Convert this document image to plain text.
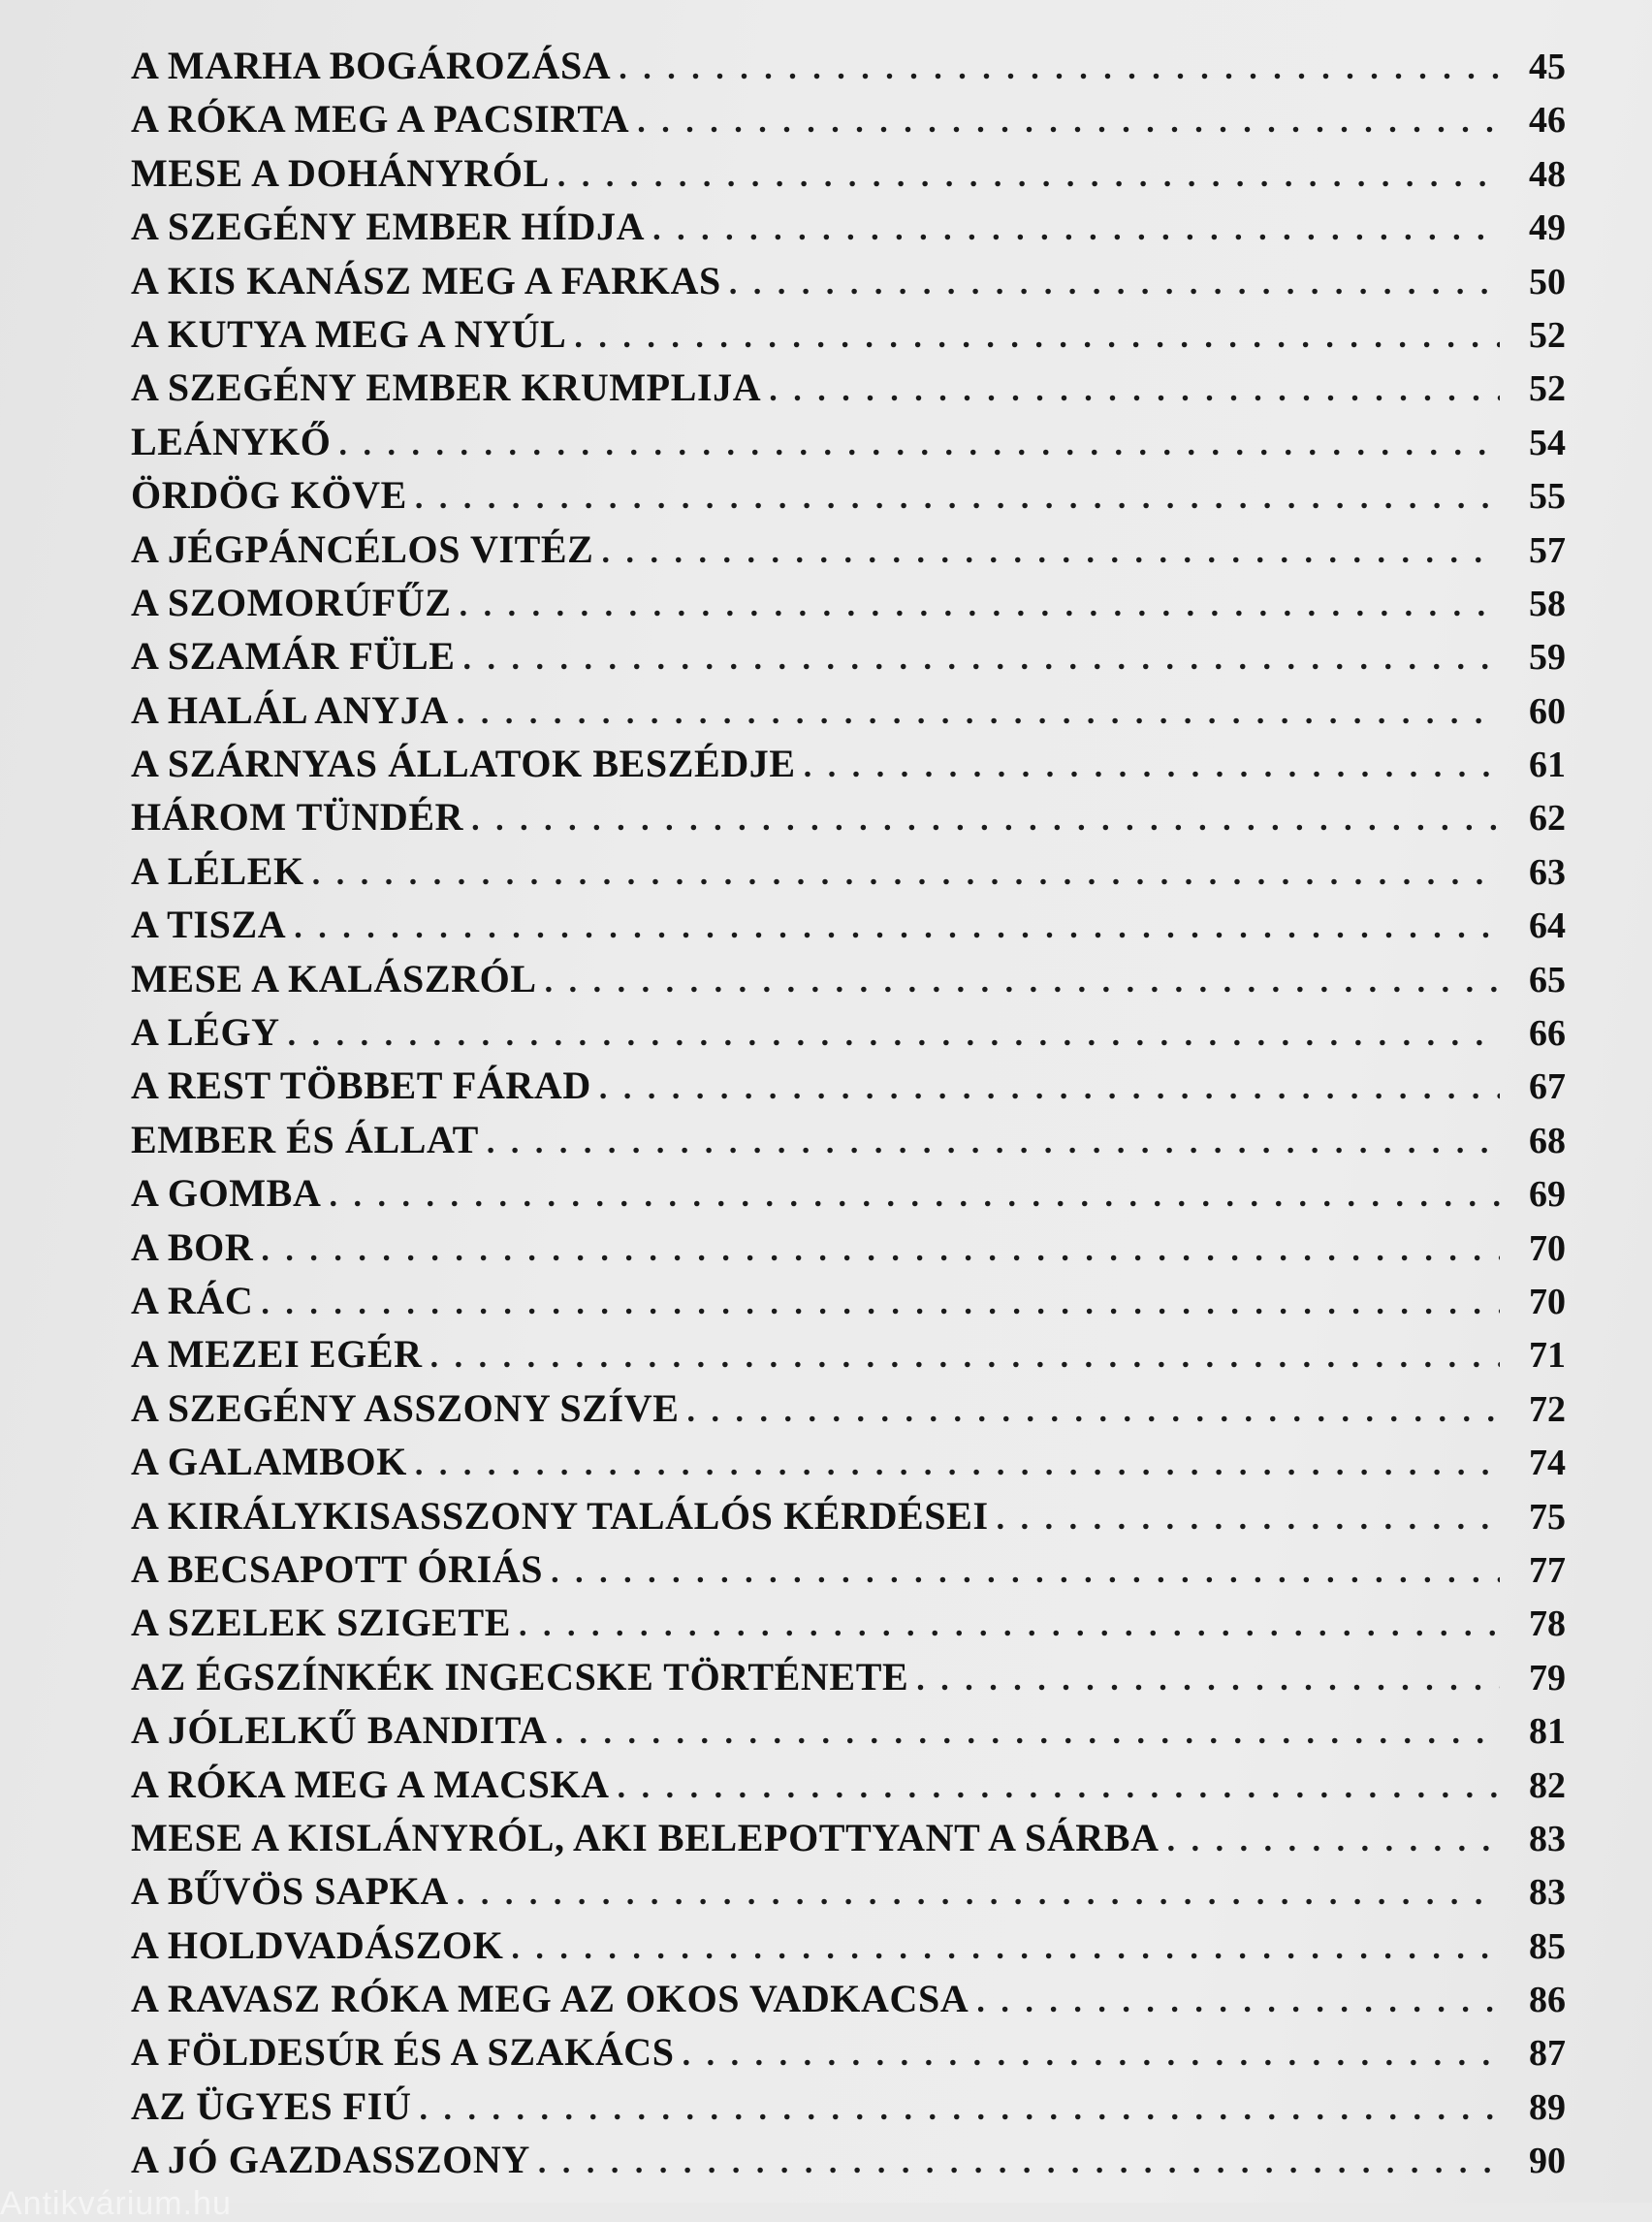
A MARHA BOGÁROZÁSA . . .	45
A RÓKA MEG A PACSIRTA . . .	46
MESE A DOHÁNYRÓL . . .	48
A SZEGÉNY EMBER HÍDJA . . .	49
A KIS KANÁSZ MEG A FARKAS . . .	50
A KUTYA MEG A NYÚL . . .	52
A SZEGÉNY EMBER KRUMPLIJA . . .	52
LEÁNYKŐ . . .	54
ÖRDÖG KÖVE . . .	55
A JÉGPÁNCÉLOS VITÉZ . . .	57
A SZOMORÚFŰZ . . .	58
A SZAMÁR FÜLE . . .	59
A HALÁL ANYJA . . .	60
A SZÁRNYAS ÁLLATOK BESZÉDJE . . .	61
HÁROM TÜNDÉR . . .	62
A LÉLEK . . .	63
A TISZA . . .	64
MESE A KALÁSZRÓL . . .	65
A LÉGY . . .	66
A REST TÖBBET FÁRAD . . .	67
EMBER ÉS ÁLLAT . . .	68
A GOMBA . . .	69
A BOR . . .	70
A RÁC . . .	70
A MEZEI EGÉR . . .	71
A SZEGÉNY ASSZONY SZÍVE . . .	72
A GALAMBOK . . .	74
A KIRÁLYKISASSZONY TALÁLÓS KÉRDÉSEI . . .	75
A BECSAPOTT ÓRIÁS . . .	77
A SZELEK SZIGETE . . .	78
AZ ÉGSZÍNKÉK INGECSKE TÖRTÉNETE . . .	79
A JÓLELKŰ BANDITA . . .	81
A RÓKA MEG A MACSKA . . .	82
MESE A KISLÁNYRÓL, AKI BELEPOTTYANT A SÁRBA . . .	83
A BŰVÖS SAPKA . . .	83
A HOLDVADÁSZOK . . .	85
A RAVASZ RÓKA MEG AZ OKOS VADKACSA . . .	86
A FÖLDESÚR ÉS A SZAKÁCS . . .	87
AZ ÜGYES FIÚ . . .	89
A JÓ GAZDASSZONY . . .	90
Antikvárium.hu
